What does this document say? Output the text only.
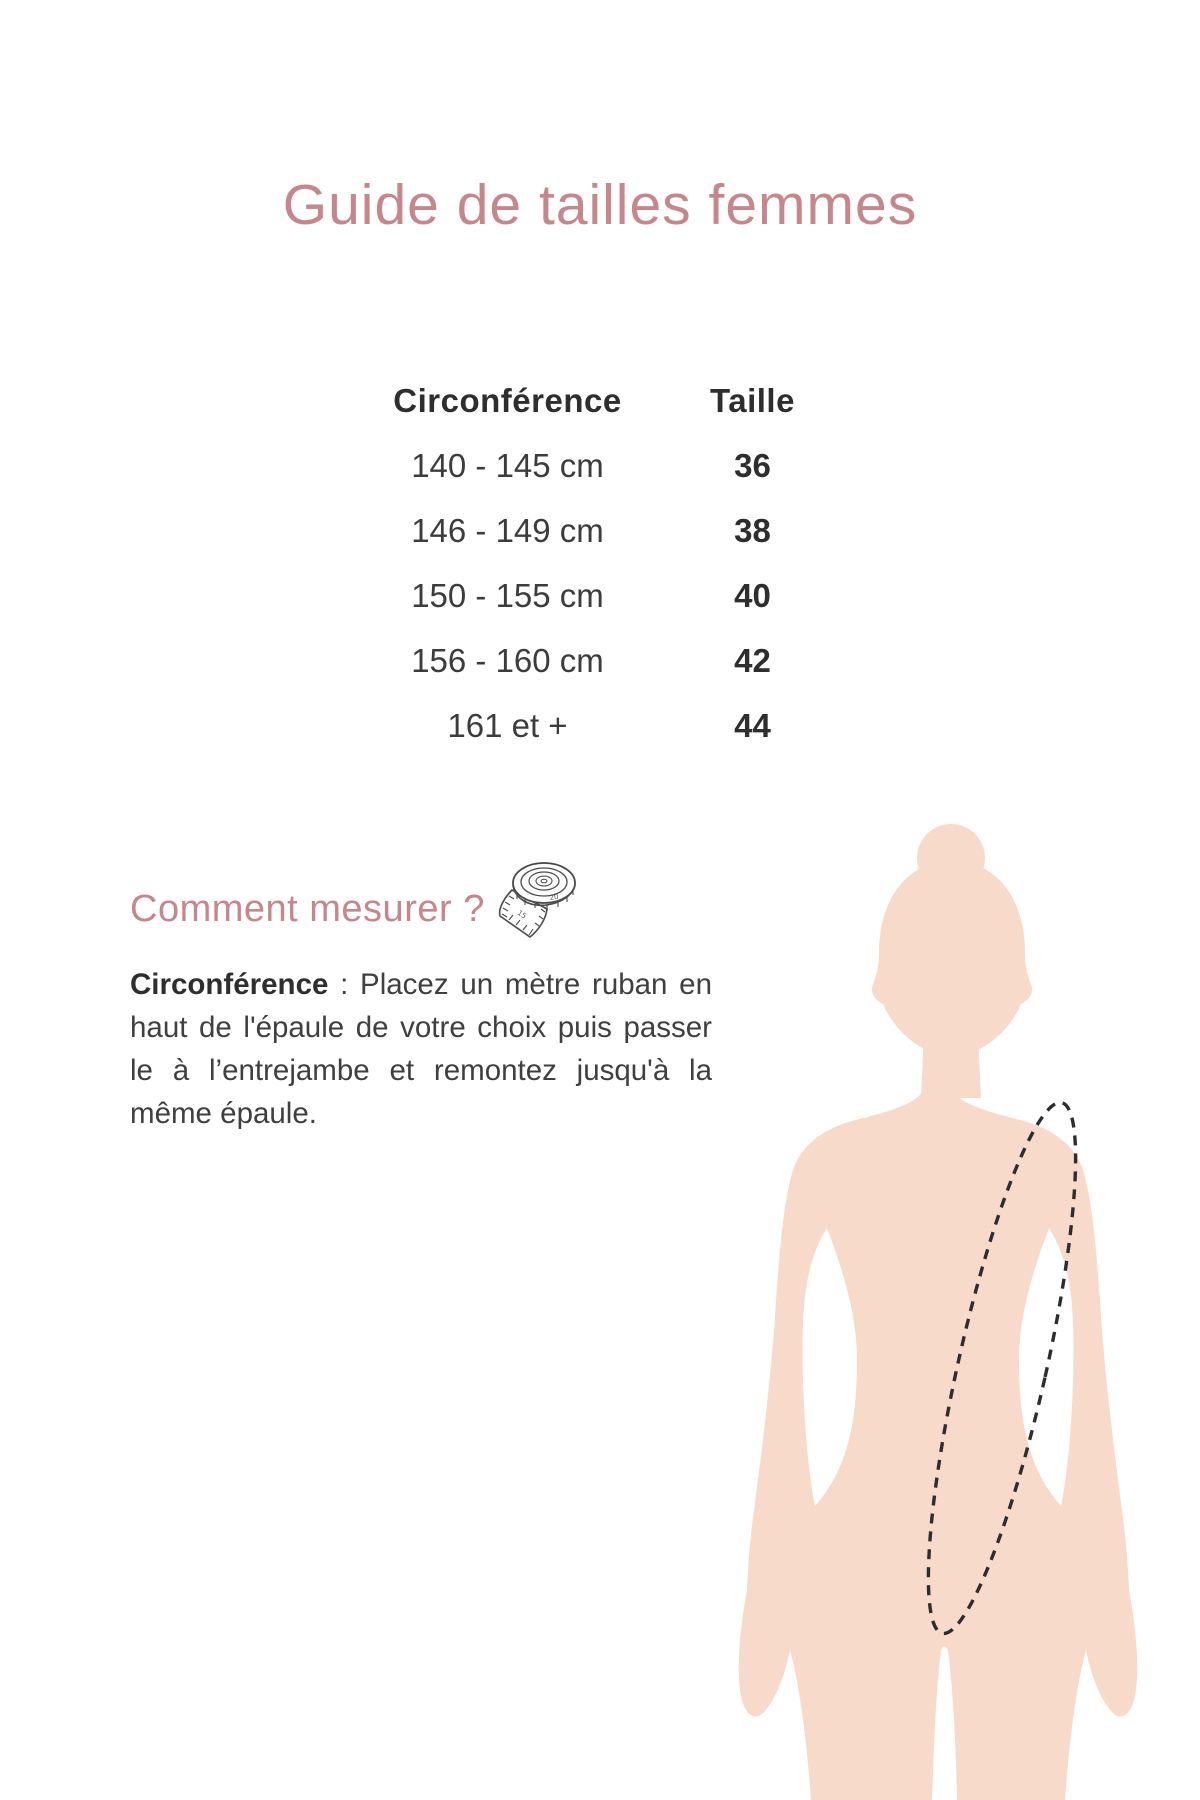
Guide de tailles femmes
Circonférence	Taille
140 - 145 cm	36
146 - 149 cm	38
150 - 155 cm	40
156 - 160 cm	42
161 et +	44
Comment mesurer ?	15
20
Circonférence : Placez un mètre ruban en haut de l'épaule de votre choix puis passer le à l’entrejambe et remontez jusqu'à la même épaule.
